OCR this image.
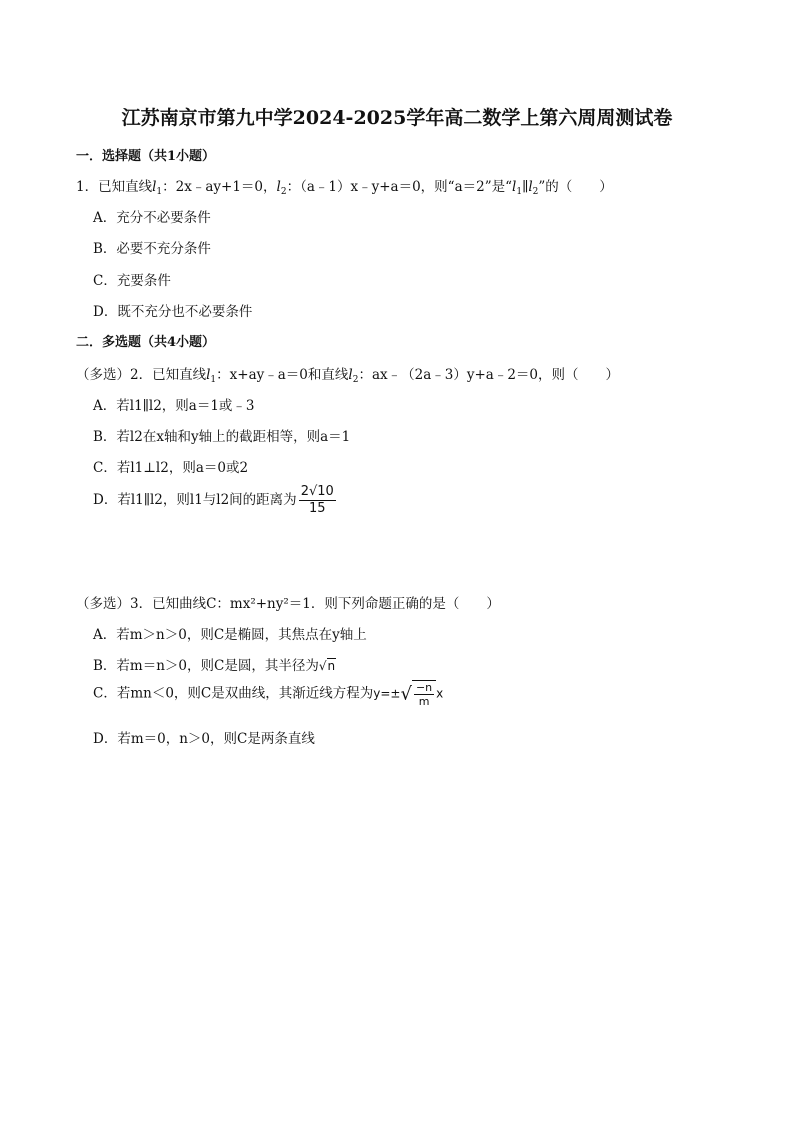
江苏南京市第九中学2024-2025学年高二数学上第六周周测试卷
一．选择题（共1小题）
1．已知直线$l_1$：2x﹣ay+1＝0，$l_2$：（a﹣1）x﹣y+a＝0，则“a＝2”是“$l_1\parallel l_2$”的（　　）
A．充分不必要条件
B．必要不充分条件
C．充要条件
D．既不充分也不必要条件
二．多选题（共4小题）
（多选）2．已知直线$l_1$：x+ay﹣a＝0和直线$l_2$：ax﹣（2a﹣3）y+a﹣2＝0，则（　　）
A．若l1∥l2，则a＝1或﹣3
B．若l2在x轴和y轴上的截距相等，则a＝1
C．若l1⊥l2，则a＝0或2
D．若l1∥l2，则l1与l2间的距离为 $\frac{2√10}{15}$
（多选）3．已知曲线C：mx²+ny²＝1．则下列命题正确的是（　　）
A．若m＞n＞0，则C是椭圆，其焦点在y轴上
B．若m＝n＞0，则C是圆，其半径为√n
C．若mn＜0，则C是双曲线，其渐近线方程为$y=\pm√ \frac{-n}{m}$ x
D．若m＝0，n＞0，则C是两条直线
